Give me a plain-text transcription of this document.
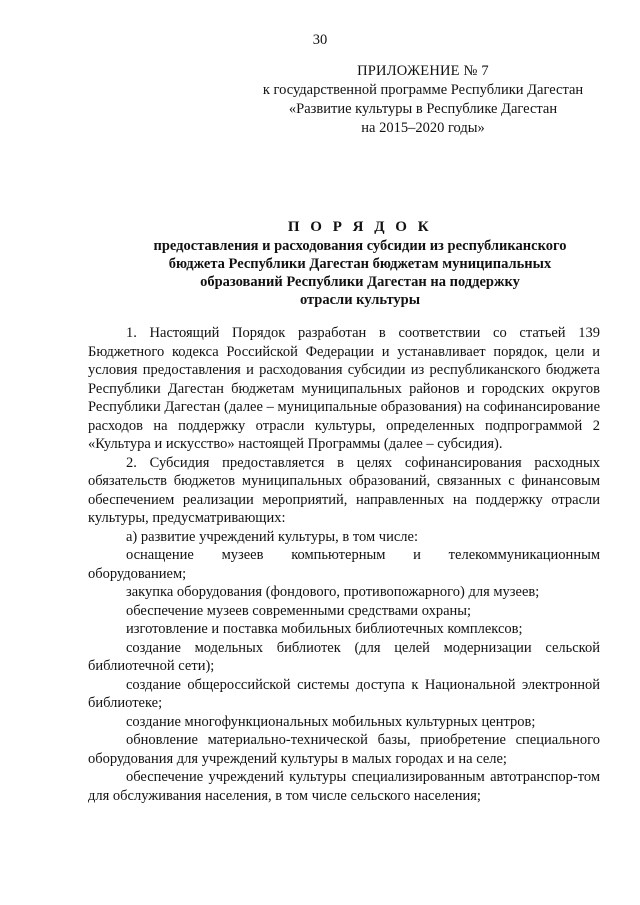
30
ПРИЛОЖЕНИЕ № 7
к государственной программе Республики Дагестан
«Развитие культуры в Республике Дагестан
на 2015–2020 годы»
П О Р Я Д О К
предоставления и расходования субсидии из республиканского
бюджета Республики Дагестан бюджетам муниципальных
образований Республики Дагестан на поддержку
отрасли культуры

1. Настоящий Порядок разработан в соответствии со статьей 139 Бюджетного кодекса Российской Федерации и устанавливает порядок, цели и условия предоставления и расходования субсидии из республиканского бюджета Республики Дагестан бюджетам муниципальных районов и городских округов Республики Дагестан (далее – муниципальные образования) на софинансирование расходов на поддержку отрасли культуры, определенных подпрограммой 2 «Культура и искусство» настоящей Программы (далее – субсидия).

2. Субсидия предоставляется в целях софинансирования расходных обязательств бюджетов муниципальных образований, связанных с финансовым обеспечением реализации мероприятий, направленных на поддержку отрасли культуры, предусматривающих:

а) развитие учреждений культуры, в том числе:

оснащение музеев компьютерным и телекоммуникационным оборудованием;

закупка оборудования (фондового, противопожарного) для музеев;

обеспечение музеев современными средствами охраны;

изготовление и поставка мобильных библиотечных комплексов;

создание модельных библиотек (для целей модернизации сельской библиотечной сети);

создание общероссийской системы доступа к Национальной электронной библиотеке;

создание многофункциональных мобильных культурных центров;

обновление материально-технической базы, приобретение специального оборудования для учреждений культуры в малых городах и на селе;

обеспечение учреждений культуры специализированным автотранспор-том для обслуживания населения, в том числе сельского населения;
